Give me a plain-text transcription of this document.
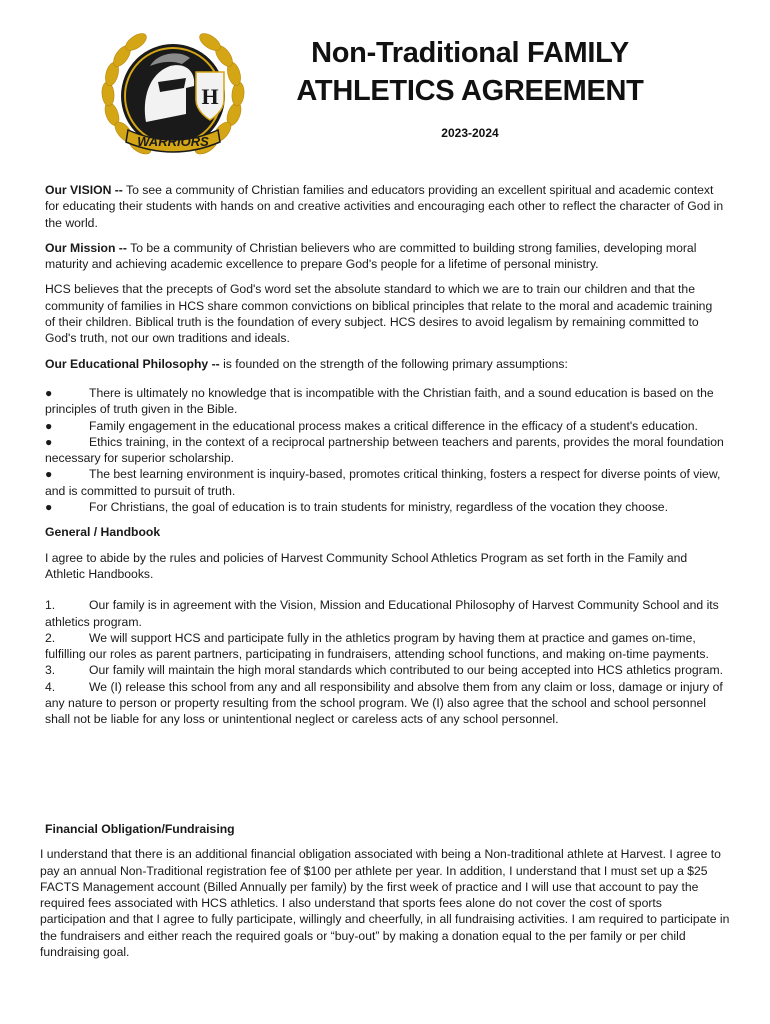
H
WARRIORS
Non-Traditional FAMILY
ATHLETICS AGREEMENT
2023-2024

Our VISION -- To see a community of Christian families and educators providing an excellent spiritual and academic context for educating their students with hands on and creative activities and encouraging each other to reflect the character of God in the world.

Our Mission -- To be a community of Christian believers who are committed to building strong families, developing moral maturity and achieving academic excellence to prepare God's people for a lifetime of personal ministry.

HCS believes that the precepts of God's word set the absolute standard to which we are to train our children and that the community of families in HCS share common convictions on biblical principles that relate to the moral and academic training of their children. Biblical truth is the foundation of every subject. HCS desires to avoid legalism by remaining committed to God's truth, not our own traditions and ideals.

Our Educational Philosophy -- is founded on the strength of the following primary assumptions:

●	There is ultimately no knowledge that is incompatible with the Christian faith, and a sound education is based on the principles of truth given in the Bible.

●	Family engagement in the educational process makes a critical difference in the efficacy of a student's education.

●	Ethics training, in the context of a reciprocal partnership between teachers and parents, provides the moral foundation necessary for superior scholarship.

●	The best learning environment is inquiry-based, promotes critical thinking, fosters a respect for diverse points of view, and is committed to pursuit of truth.

●	For Christians, the goal of education is to train students for ministry, regardless of the vocation they choose.

General / Handbook

I agree to abide by the rules and policies of Harvest Community School Athletics Program as set forth in the Family and Athletic Handbooks.

1.	Our family is in agreement with the Vision, Mission and Educational Philosophy of Harvest Community School and its athletics program.

2.	We will support HCS and participate fully in the athletics program by having them at practice and games on-time, fulfilling our roles as parent partners, participating in fundraisers, attending school functions, and making on-time payments.

3.	Our family will maintain the high moral standards which contributed to our being accepted into HCS athletics program.

4.	We (I) release this school from any and all responsibility and absolve them from any claim or loss, damage or injury of any nature to person or property resulting from the school program. We (I) also agree that the school and school personnel shall not be liable for any loss or unintentional neglect or careless acts of any school personnel.

Financial Obligation/Fundraising

I understand that there is an additional financial obligation associated with being a Non-traditional athlete at Harvest. I agree to pay an annual Non-Traditional registration fee of $100 per athlete per year. In addition, I understand that I must set up a $25 FACTS Management account (Billed Annually per family) by the first week of practice and I will use that account to pay the required fees associated with HCS athletics. I also understand that sports fees alone do not cover the cost of sports participation and that I agree to fully participate, willingly and cheerfully, in all fundraising activities. I am required to participate in the fundraisers and either reach the required goals or “buy-out” by making a donation equal to the per family or per child fundraising goal.
